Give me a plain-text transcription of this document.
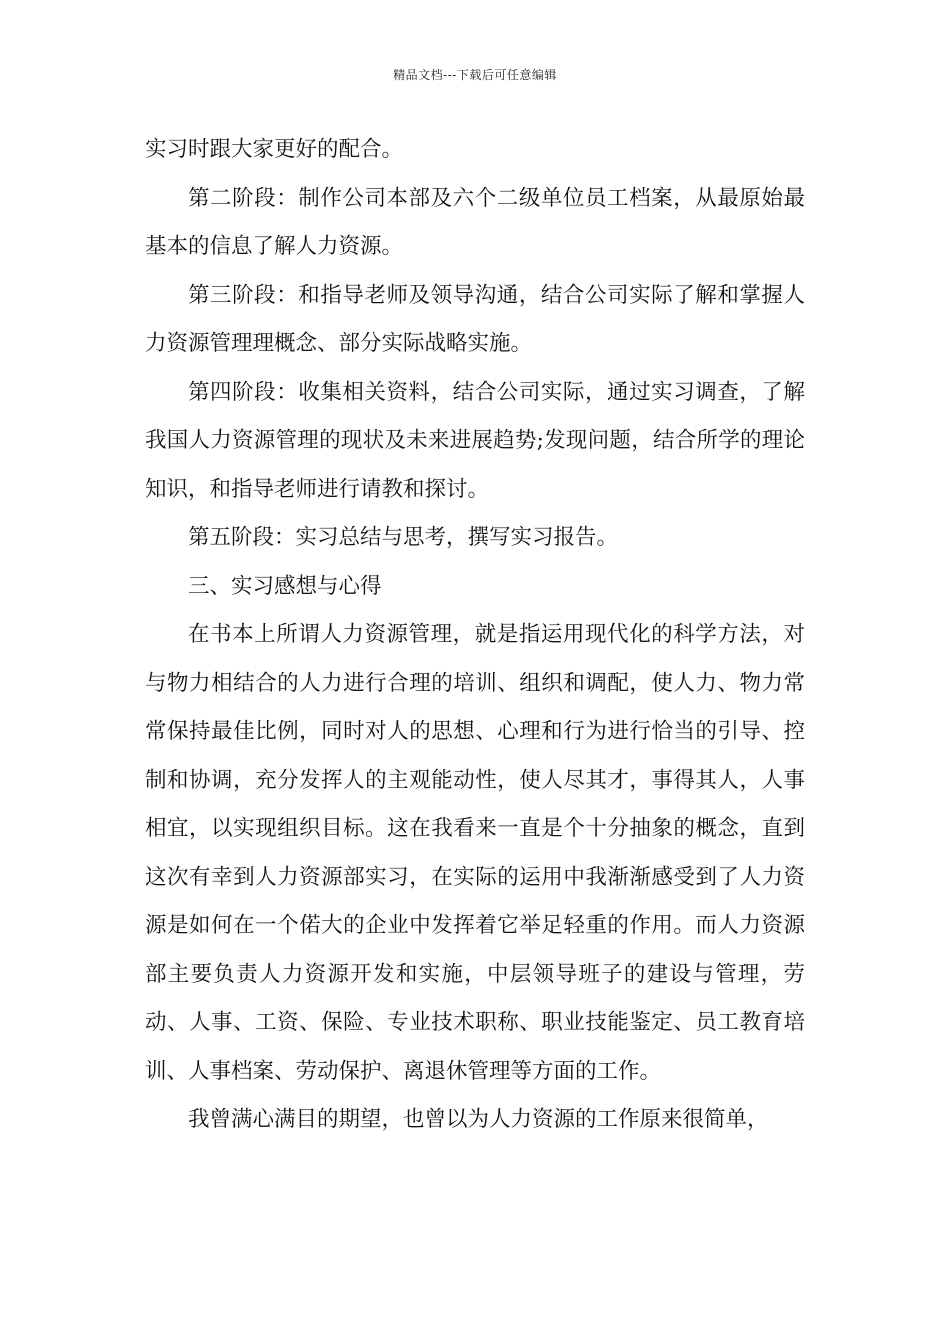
精品文档---下载后可任意编辑

实习时跟大家更好的配合。

第二阶段：制作公司本部及六个二级单位员工档案，从最原始最基本的信息了解人力资源。

第三阶段：和指导老师及领导沟通，结合公司实际了解和掌握人力资源管理理概念、部分实际战略实施。

第四阶段：收集相关资料，结合公司实际，通过实习调查，了解我国人力资源管理的现状及未来进展趋势;发现问题，结合所学的理论知识，和指导老师进行请教和探讨。

第五阶段：实习总结与思考，撰写实习报告。

三、实习感想与心得

在书本上所谓人力资源管理，就是指运用现代化的科学方法，对与物力相结合的人力进行合理的培训、组织和调配，使人力、物力常常保持最佳比例，同时对人的思想、心理和行为进行恰当的引导、控制和协调，充分发挥人的主观能动性，使人尽其才，事得其人，人事相宜，以实现组织目标。这在我看来一直是个十分抽象的概念，直到这次有幸到人力资源部实习，在实际的运用中我渐渐感受到了人力资源是如何在一个偌大的企业中发挥着它举足轻重的作用。而人力资源部主要负责人力资源开发和实施，中层领导班子的建设与管理，劳动、人事、工资、保险、专业技术职称、职业技能鉴定、员工教育培训、人事档案、劳动保护、离退休管理等方面的工作。

我曾满心满目的期望，也曾以为人力资源的工作原来很简单，
